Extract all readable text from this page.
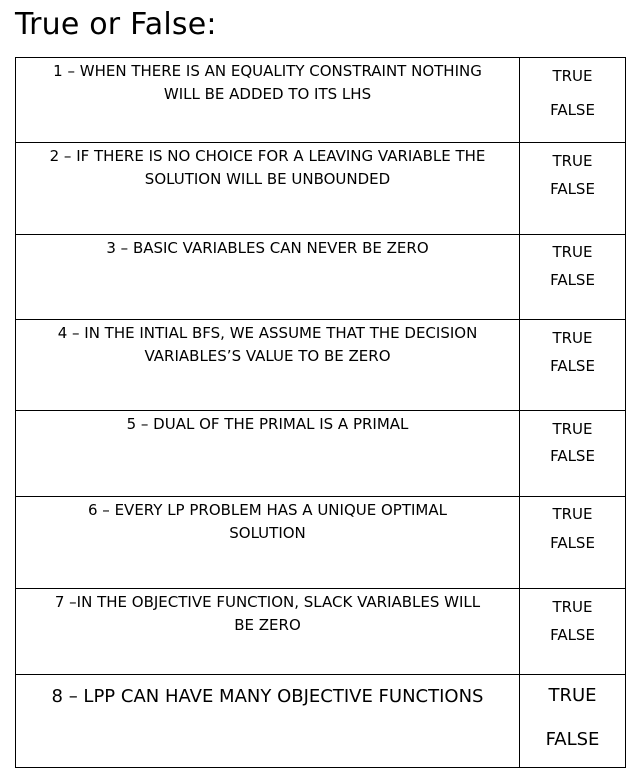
True or False:
1 – WHEN THERE IS AN EQUALITY CONSTRAINT NOTHING WILL BE ADDED TO ITS LHS	TRUE
FALSE

2 – IF THERE IS NO CHOICE FOR A LEAVING VARIABLE THE SOLUTION WILL BE UNBOUNDED	TRUE
FALSE

3 – BASIC VARIABLES CAN NEVER BE ZERO	TRUE
FALSE

4 – IN THE INTIAL BFS, WE ASSUME THAT THE DECISION VARIABLES’S VALUE TO BE ZERO	TRUE
FALSE

5 – DUAL OF THE PRIMAL IS A PRIMAL	TRUE
FALSE

6 – EVERY LP PROBLEM HAS A UNIQUE OPTIMAL SOLUTION	TRUE
FALSE

7 –IN THE OBJECTIVE FUNCTION, SLACK VARIABLES WILL BE ZERO	TRUE
FALSE

8 – LPP CAN HAVE MANY OBJECTIVE FUNCTIONS	TRUE
FALSE
